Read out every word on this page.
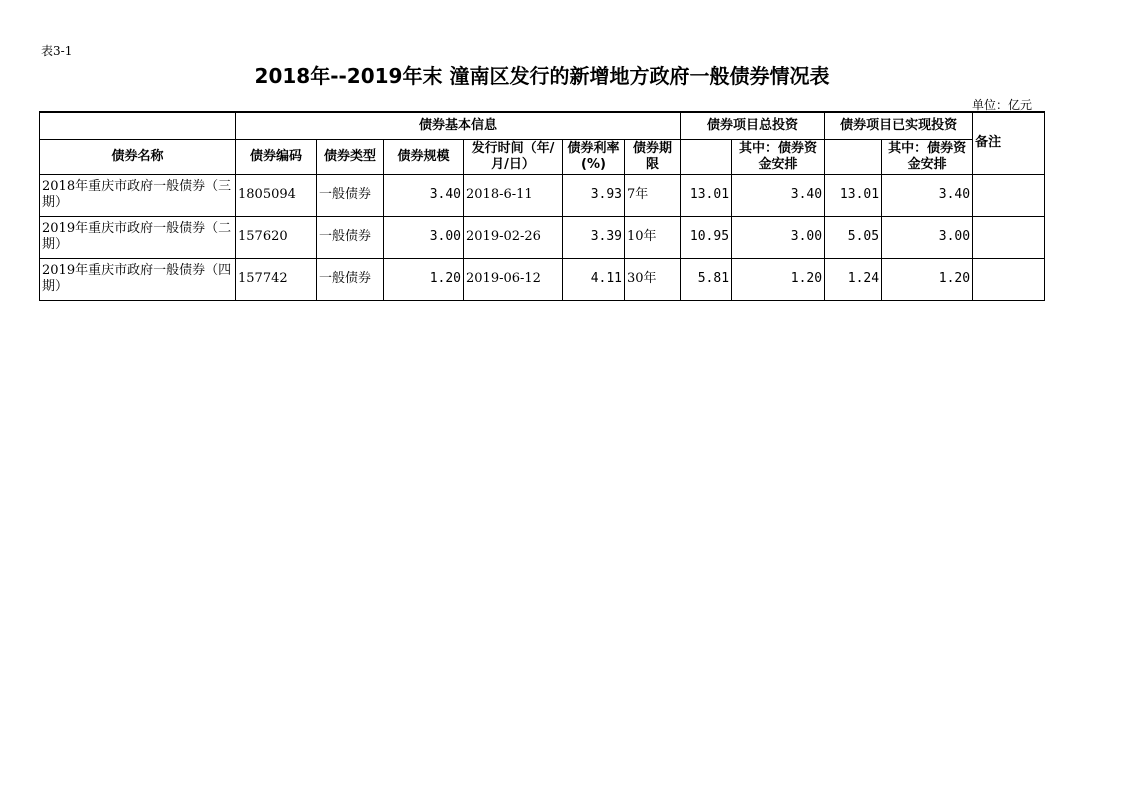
表3-1
2018年--2019年末 潼南区发行的新增地方政府一般债券情况表
单位：亿元
	债券基本信息						债券项目总投资		债券项目已实现投资		备注
债券名称	债券编码	债券类型	债券规模	发行时间（年/月/日）	债券利率(%)	债券期限		其中：债券资金安排		其中：债券资金安排	
2018年重庆市政府一般债券（三期）	1805094	一般债券	3.40	2018-6-11	3.93	7年	13.01	3.40	13.01	3.40	
2019年重庆市政府一般债券（二期）	157620	一般债券	3.00	2019-02-26	3.39	10年	10.95	3.00	5.05	3.00	
2019年重庆市政府一般债券（四期）	157742	一般债券	1.20	2019-06-12	4.11	30年	5.81	1.20	1.24	1.20	
